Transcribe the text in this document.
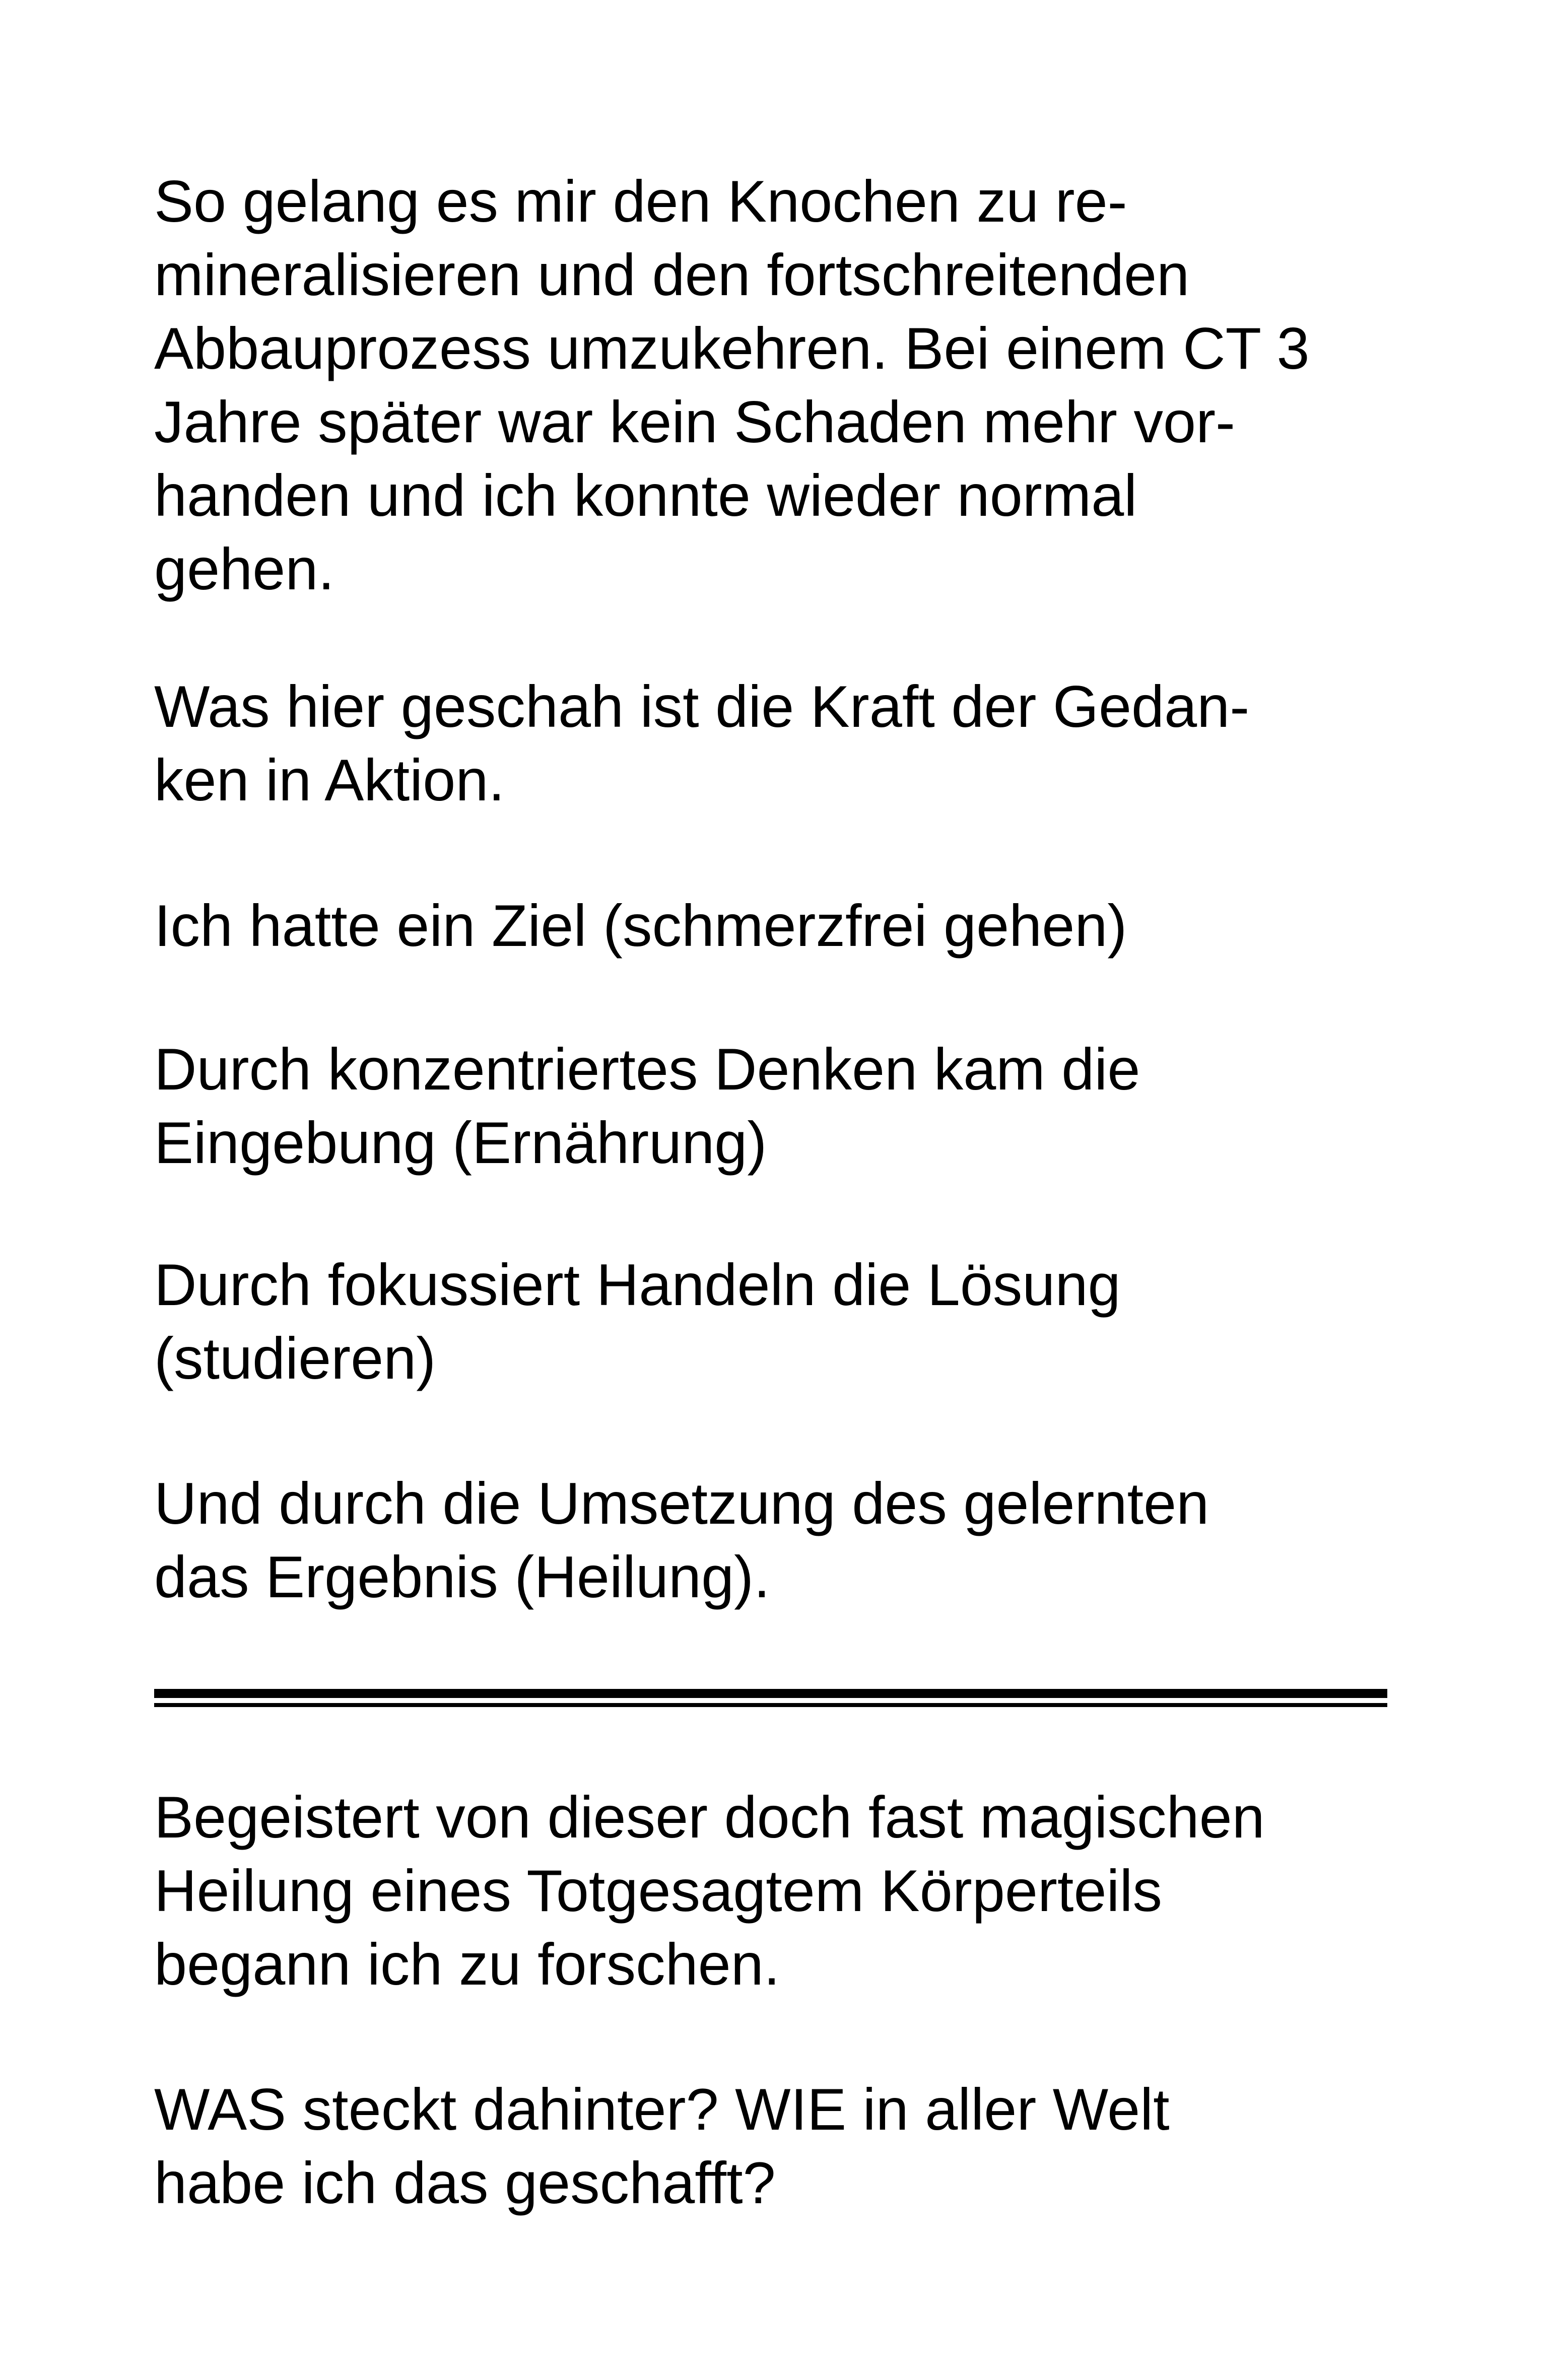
So gelang es mir den Knochen zu re-
mineralisieren und den fortschreitenden
Abbauprozess umzukehren. Bei einem CT 3
Jahre später war kein Schaden mehr vor-
handen und ich konnte wieder normal
gehen.

Was hier geschah ist die Kraft der Gedan-
ken in Aktion.

Ich hatte ein Ziel (schmerzfrei gehen)

Durch konzentriertes Denken kam die
Eingebung (Ernährung)

Durch fokussiert Handeln die Lösung
(studieren)

Und durch die Umsetzung des gelernten
das Ergebnis (Heilung).

Begeistert von dieser doch fast magischen
Heilung eines Totgesagtem Körperteils
begann ich zu forschen.

WAS steckt dahinter? WIE in aller Welt
habe ich das geschafft?
